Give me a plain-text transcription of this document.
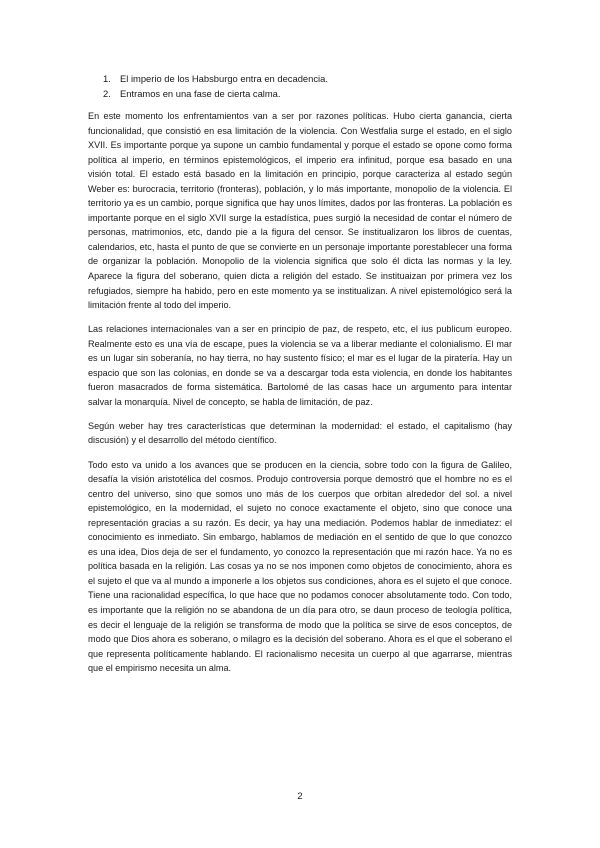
1. El imperio de los Habsburgo entra en decadencia.
2. Entramos en una fase de cierta calma.

En este momento los enfrentamientos van a ser por razones políticas. Hubo cierta ganancia, cierta funcionalidad, que consistió en esa limitación de la violencia. Con Westfalia surge el estado, en el siglo XVII. Es importante porque ya supone un cambio fundamental y porque el estado se opone como forma política al imperio, en términos epistemológicos, el imperio era infinitud, porque esa basado en una visión total. El estado está basado en la limitación en principio, porque caracteriza al estado según Weber es: burocracia, territorio (fronteras), población, y lo más importante, monopolio de la violencia. El territorio ya es un cambio, porque significa que hay unos límites, dados por las fronteras. La población es importante porque en el siglo XVII surge la estadística, pues surgió la necesidad de contar el número de personas, matrimonios, etc, dando pie a la figura del censor. Se institualizaron los libros de cuentas, calendarios, etc, hasta el punto de que se convierte en un personaje importante porestablecer una forma de organizar la población. Monopolio de la violencia significa que solo él dicta las normas y la ley. Aparece la figura del soberano, quien dicta a religión del estado. Se instituaizan por primera vez los refugiados, siempre ha habido, pero en este momento ya se institualizan. A nivel epistemológico será la limitación frente al todo del imperio.

Las relaciones internacionales van a ser en principio de paz, de respeto, etc, el ius publicum europeo. Realmente esto es una vía de escape, pues la violencia se va a liberar mediante el colonialismo. El mar es un lugar sin soberanía, no hay tierra, no hay sustento físico; el mar es el lugar de la piratería. Hay un espacio que son las colonias, en donde se va a descargar toda esta violencia, en donde los habitantes fueron masacrados de forma sistemática. Bartolomé de las casas hace un argumento para intentar salvar la monarquía. Nivel de concepto, se habla de limitación, de paz.

Según weber hay tres características que determinan la modernidad: el estado, el capitalismo (hay discusión) y el desarrollo del método científico.

Todo esto va unido a los avances que se producen en la ciencia, sobre todo con la figura de Galileo, desafía la visión aristotélica del cosmos. Produjo controversia porque demostró que el hombre no es el centro del universo, sino que somos uno más de los cuerpos que orbitan alrededor del sol. a nivel epistemológico, en la modernidad, el sujeto no conoce exactamente el objeto, sino que conoce una representación gracias a su razón. Es decir, ya hay una mediación. Podemos hablar de inmediatez: el conocimiento es inmediato. Sin embargo, hablamos de mediación en el sentido de que lo que conozco es una idea, Dios deja de ser el fundamento, yo conozco la representación que mi razón hace. Ya no es política basada en la religión. Las cosas ya no se nos imponen como objetos de conocimiento, ahora es el sujeto el que va al mundo a imponerle a los objetos sus condiciones, ahora es el sujeto el que conoce. Tiene una racionalidad específica, lo que hace que no podamos conocer absolutamente todo. Con todo, es importante que la religión no se abandona de un día para otro, se daun proceso de teología política, es decir el lenguaje de la religión se transforma de modo que la política se sirve de esos conceptos, de modo que Dios ahora es soberano, o milagro es la decisión del soberano. Ahora es el que el soberano el que representa políticamente hablando. El racionalismo necesita un cuerpo al que agarrarse, mientras que el empirismo necesita un alma.

2
